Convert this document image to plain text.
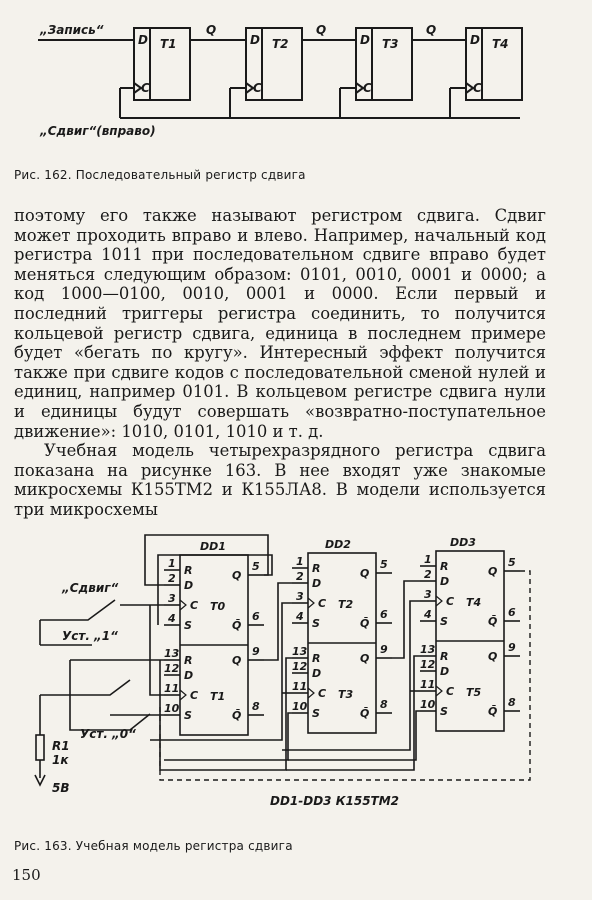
„Запись“
„Сдвиг“(вправо)
D	D	D	D
C	C	C	C
T1	T2	T3	T4
Q	Q	Q
Рис. 162. Последовательный регистр сдвига

поэтому его также называют регистром сдвига. Сдвиг может проходить вправо и влево. Например, начальный код регистра 1011 при последовательном сдвиге вправо будет меняться следующим образом: 0101, 0010, 0001 и 0000; а код 1000—0100, 0010, 0001 и 0000. Если первый и последний триггеры регистра соединить, то получится кольцевой регистр сдвига, единица в последнем примере будет «бегать по кругу». Интересный эффект получится также при сдвиге кодов с последовательной сменой нулей и единиц, например 0101. В кольцевом регистре сдвига нули и единицы будут совершать «возвратно-поступательное движение»: 1010, 0101, 1010 и т. д.

Учебная модель четырехразрядного регистра сдвига показана на рисунке 163. В нее входят уже знакомые микросхемы К155ТМ2 и К155ЛА8. В модели используется три микросхемы

DD1	DD2	DD3
T0
T1
T2
T3
T4
T5
R
D
C
S
R
D
C
S
Q
Q̄
Q
Q̄
R
D
C
S
R
D
C
S
Q
Q̄
Q
Q̄
R
D
C
S
R
D
C
S
Q
Q̄
Q
Q̄
1
2
3
4
13
12
11
10
5
6
9
8
1
2
3
4
13
12
11
10
5
6
9
8
1
2
3
4
13
12
11
10
5
6
9
8
„Сдвиг“
Уст. „1“
Уст. „0“
R1
1к
5В
DD1-DD3 К155ТМ2
Рис. 163. Учебная модель регистра сдвига
150
